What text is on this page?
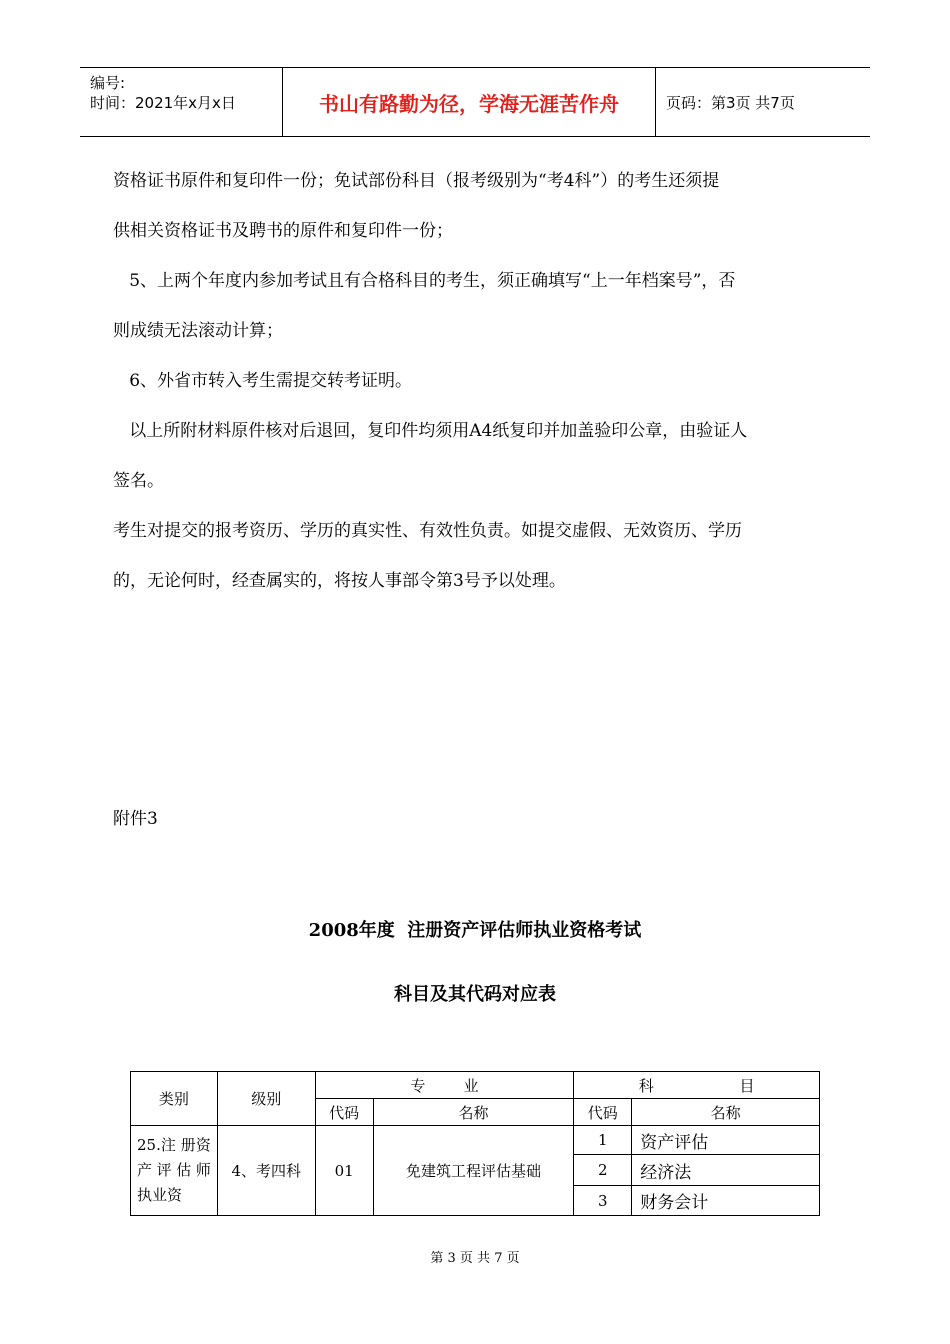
编号:
时间：2021年x月x日	书山有路勤为径，学海无涯苦作舟	页码：第3页 共7页
资格证书原件和复印件一份；免试部份科目（报考级别为“考4科”）的考生还须提
供相关资格证书及聘书的原件和复印件一份；
5、上两个年度内参加考试且有合格科目的考生，须正确填写“上一年档案号”，否
则成绩无法滚动计算；
6、外省市转入考生需提交转考证明。
以上所附材料原件核对后退回，复印件均须用A4纸复印并加盖验印公章，由验证人
签名。
考生对提交的报考资历、学历的真实性、有效性负责。如提交虚假、无效资历、学历
的，无论何时，经查属实的，将按人事部令第3号予以处理。
附件3
2008年度  注册资产评估师执业资格考试
科目及其代码对应表
类别	级别	专        业		科                  目	
		代码	名称	代码	名称
25.注 册资产评估师执业资	4、考四科	01	免建筑工程评估基础	1	资产评估
				2	经济法
				3	财务会计
第 3 页 共 7 页
